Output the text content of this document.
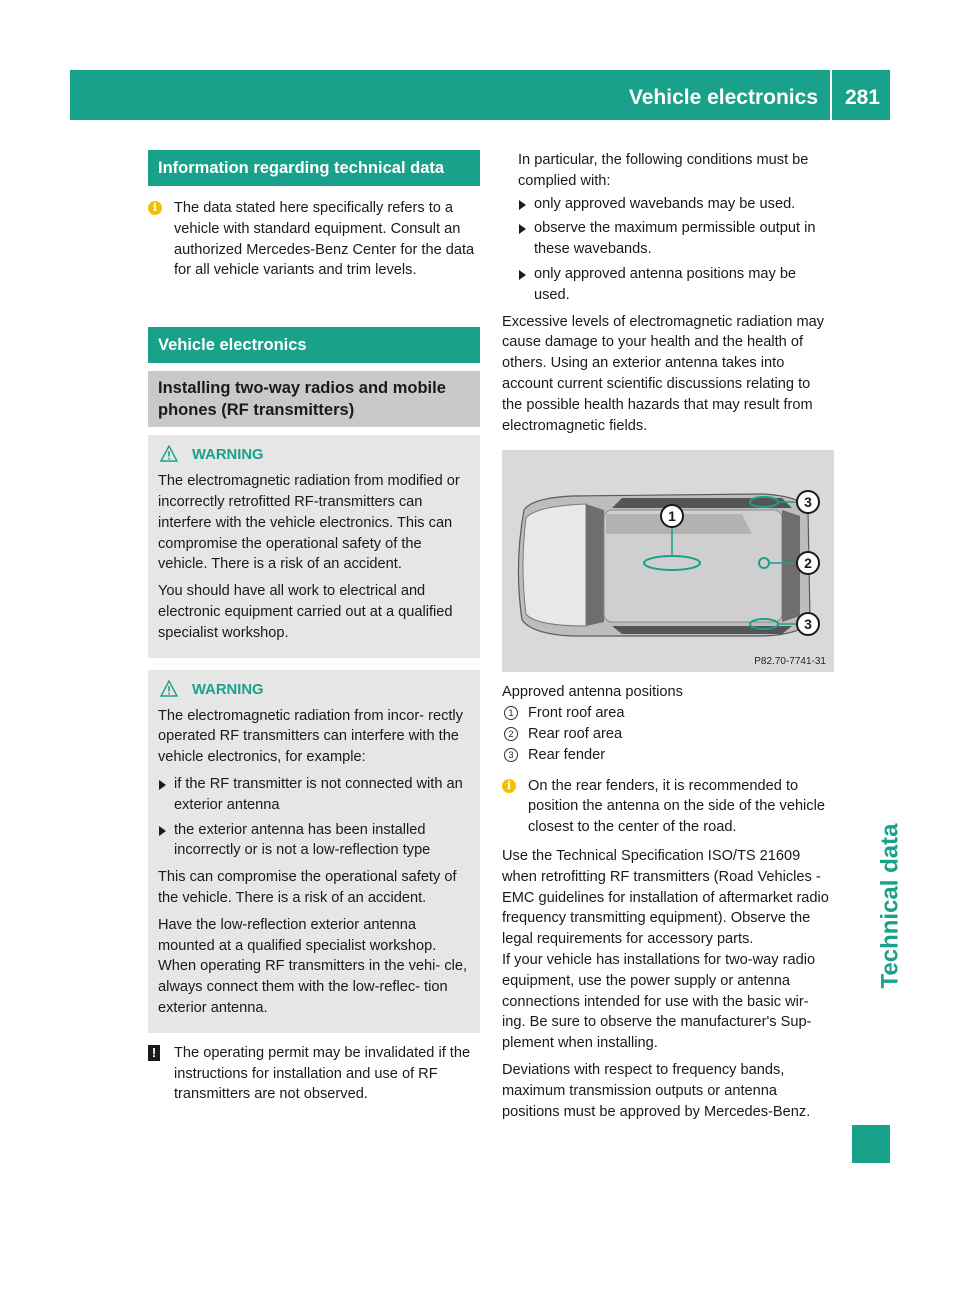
Vehicle electronics 281
Technical data
Information regarding technical data
i	The data stated here specifically refers to a vehicle with standard equipment. Consult an authorized Mercedes-Benz Center for the data for all vehicle variants and trim levels.

Vehicle electronics
Installing two-way radios and mobile phones (RF transmitters)
WARNING

The electromagnetic radiation from modified or incorrectly retrofitted RF-transmitters can interfere with the vehicle electronics. This can compromise the operational safety of the vehicle. There is a risk of an accident.

You should have all work to electrical and electronic equipment carried out at a qualified specialist workshop.

WARNING

The electromagnetic radiation from incor- rectly operated RF transmitters can interfere with the vehicle electronics, for example:

if the RF transmitter is not connected with an exterior antenna
the exterior antenna has been installed incorrectly or is not a low-reflection type

This can compromise the operational safety of the vehicle. There is a risk of an accident.

Have the low-reflection exterior antenna mounted at a qualified specialist workshop. When operating RF transmitters in the vehi- cle, always connect them with the low-reflec- tion exterior antenna.

! The operating permit may be invalidated if the instructions for installation and use of RF transmitters are not observed.

In particular, the following conditions must be complied with:

only approved wavebands may be used.
observe the maximum permissible output in these wavebands.
only approved antenna positions may be used.

Excessive levels of electromagnetic radiation may cause damage to your health and the health of others. Using an exterior antenna takes into account current scientific discussions relating to the possible health hazards that may result from electromagnetic fields.

1
2
3
3
P82.70-7741-31

Approved antenna positions

1 Front roof area
2 Rear roof area
3 Rear fender
i	On the rear fenders, it is recommended to position the antenna on the side of the vehicle closest to the center of the road.

Use the Technical Specification ISO/TS 21609 when retrofitting RF transmitters (Road Vehicles - EMC guidelines for installation of aftermarket radio frequency transmitting equipment). Observe the legal requirements for accessory parts.

If your vehicle has installations for two-way radio equipment, use the power supply or antenna connections intended for use with the basic wir- ing. Be sure to observe the manufacturer's Sup- plement when installing.

Deviations with respect to frequency bands, maximum transmission outputs or antenna positions must be approved by Mercedes-Benz.
